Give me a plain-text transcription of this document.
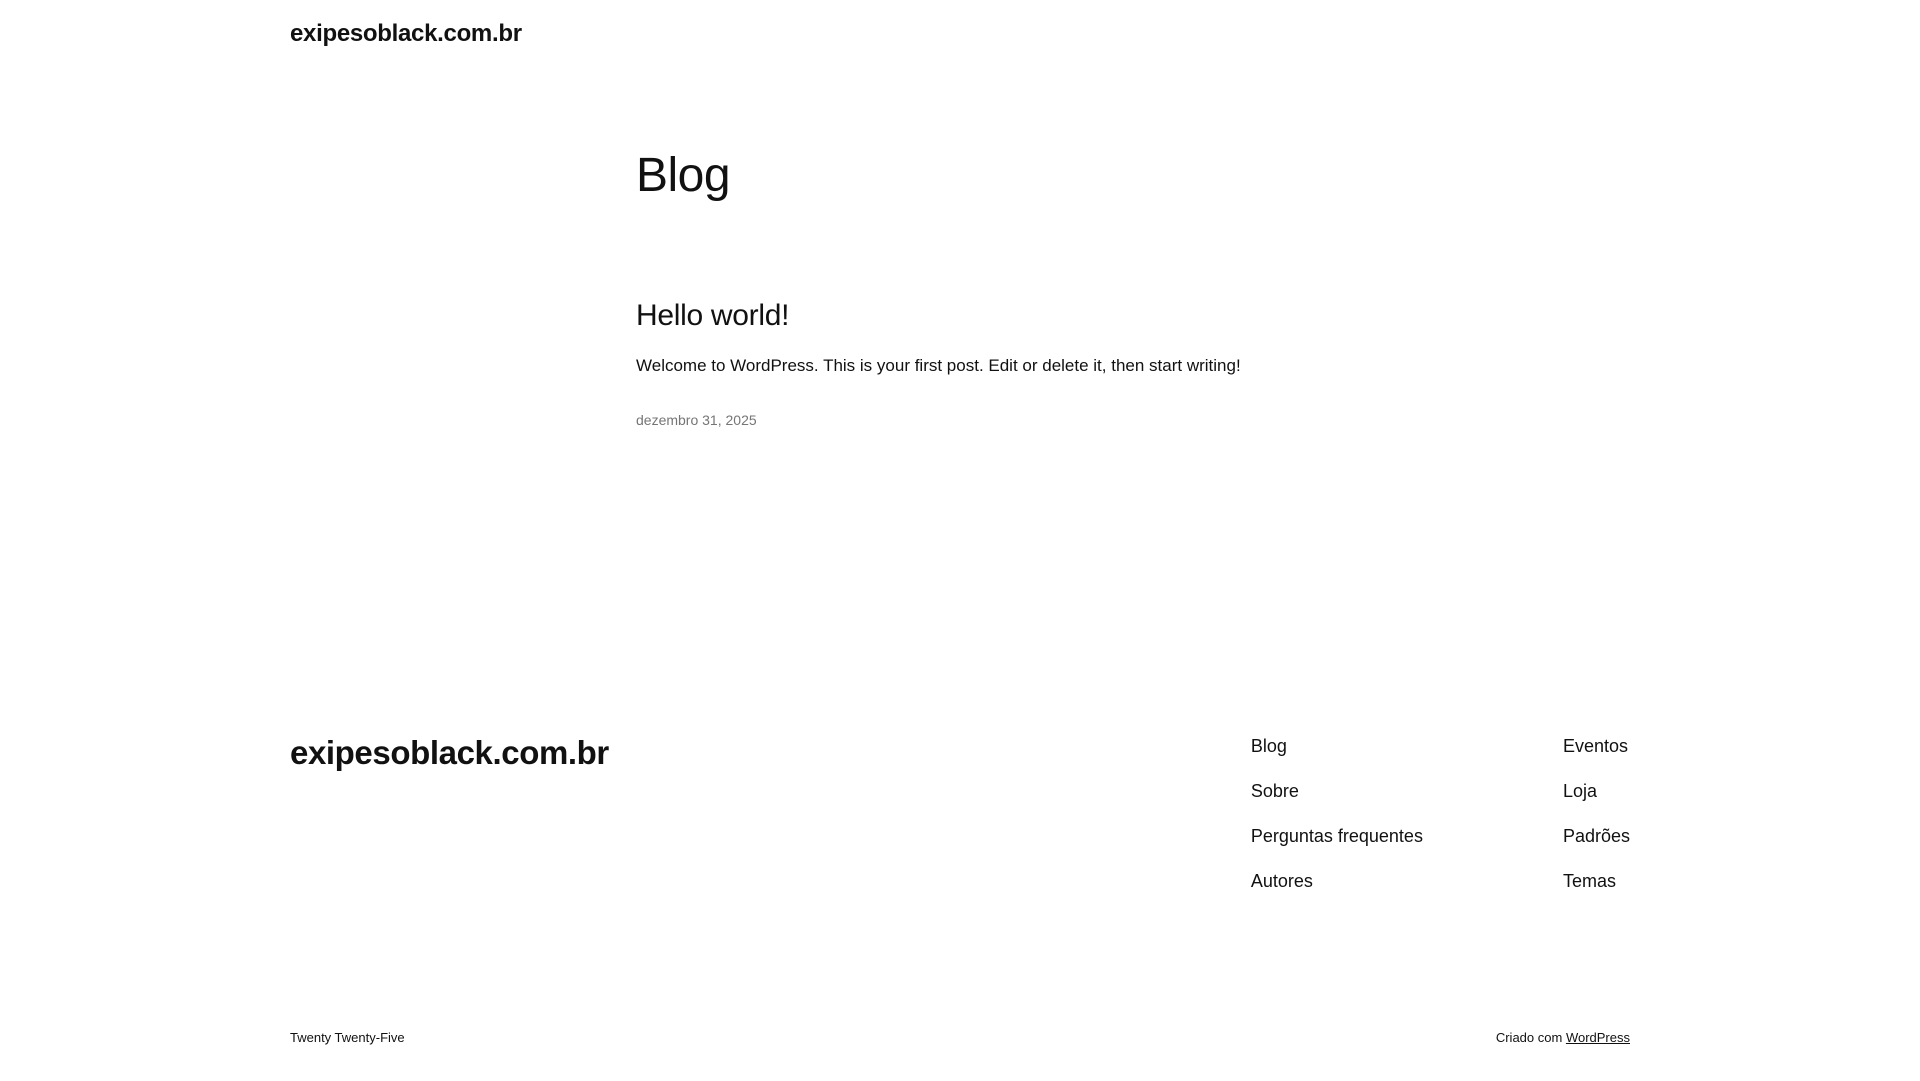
exipesoblack.com.br
Blog
Hello world!

Welcome to WordPress. This is your first post. Edit or delete it, then start writing!

dezembro 31, 2025
exipesoblack.com.br	Blog
Sobre
Perguntas frequentes
Autores
Eventos
Loja
Padrões
Temas
Twenty Twenty-Five	Criado com WordPress
